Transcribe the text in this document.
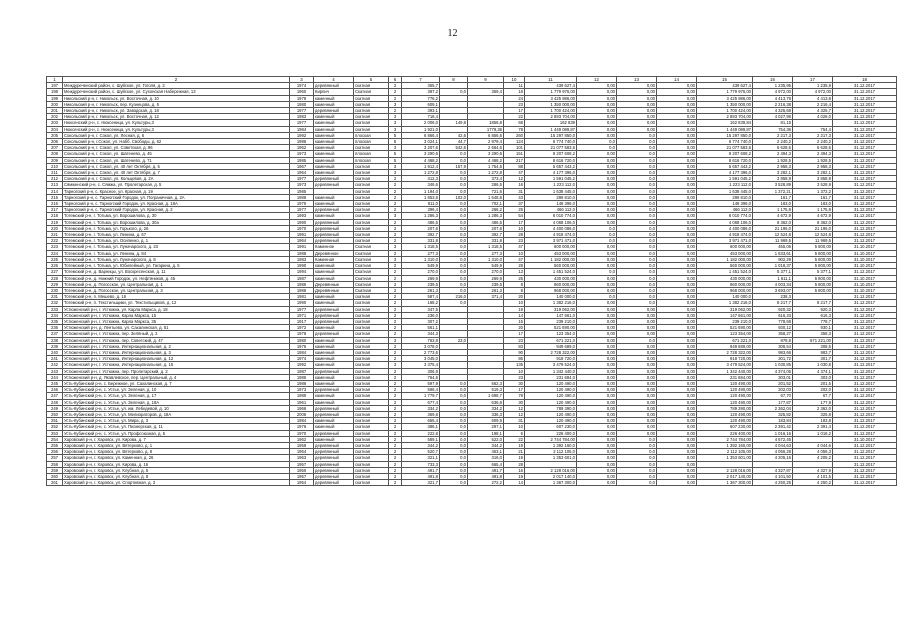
12
1	2	3	4	5	6	7	8	9	10	11	12	13	14	15	16	17	18
197	Междуреченский район, с. Шуйское, ул. Гоголя, д. 2	1974	деревянный	скатная	2	355,7			11	439 627,4	0,00	0,00	0,00	439 627,4	1 235,95	1 235,9	31.12.2017
198	Междуреченский район, с. Шуйское, ул. Сухонская Набережная, 13	1960	Кирпич	Скатная	2	387,2	0,0	359,4	18	1 779 976,00	0,00	0,00	0,00	1 779 976,00	4 972,00	4 972,00	31.12.2017
199	Никольский р-н, г. Никольск, ул. Восточная, д. 10	1978	каменный	скатная	2	776,2			24	3 425 986,00	0,00	0,00	0,00	3 425 986,00	4 413,79	4 413,8	31.12.2017
200	Никольский р-н, г. Никольск, пер. Кузнецова, д. 5	1980	каменный	скатная	3	609,1			23	1 350 000,00	0,00	0,00	0,00	1 350 000,00	2 216,38	2 216,4	31.12.2017
201	Никольский р-н, г. Никольск, ул. Заводская, д. 18	1977	деревянный	скатная	2	393,1			17	1 700 424,00	0,00	0,00	0,00	1 700 424,00	4 325,68	4 325,7	31.12.2017
202	Никольский р-н, г. Никольск, ул. Восточная, д. 12	1983	каменный	скатная	3	718,4			22	2 893 704,00	0,00	0,00	0,00	2 893 704,00	4 027,98	4 028,0	31.12.2017
203	Нюксенский р-н, с. Нюксеница, ул. Культуры,3	1977	каменный	скатная	3	2 006,0	149,8	1856,8	68	162 839	0,00	0,00	0,00	162 839,84	81,15		31.12.2017
204	Нюксенский р-н, с. Нюксеница, ул. Культуры,3	1984	каменный	скатная	3	1 921,0		1779,36	78	1 449 089,87	0,00	0,00	0,00	1 449 089,87	754,36	754,4	31.12.2017
205	Сокольский р-н, г. Сокол, ул. Лесная, д. 6	1992	каменный	плоская	5	6 866,4	42,6	6 856,6	260	15 297 850,0	0,00	0,0	0,00	15 297 850,0	2 217,3	2 217,3	31.12.2017
206	Сокольский р-н, г.Сокол, ул. Набб. Свободы, д. 62	1986	каменный	плоская	5	3 024,1	44,7	2 979,4	124	6 774 740,0	0,0	0,0	0,00	6 774 740,0	2 240,2	2 240,2	31.12.2017
207	Сокольский р-н, г. Сокол, ул. Советская, д. 96	1962	каменный	скатная	3	3 207,6	542,6	2 664,6	101	21 077 583,5	0,0	0,0	0,00	21 077 583,5	6 628,6	6 628,6	31.12.2017
208	Сокольский р-н, г. Сокол, ул. Шатенево, д. 45	1973	каменный	плоская	5	3 290,6	0,0	3 290,6	151	8 207 608,2	0,00	0,0	0,00	8 207 608,2	2 494,3	2 494,3	31.12.2017
209	Сокольский р-н, г. Сокол, ул. Шатенево, д. 71	1985	каменный	плоская	5	4 468,2	0,0	4 468,2	217	8 616 720,0	0,00	0,0	0,00	8 616 720,0	1 928,5	1 928,5	31.12.2017
210	Сокольский р-н, г. Сокол, ул. 40 лет Октября, д. 5	1967	каменный	скатная	3	1 912,4	157,9	1 754,5	88	5 657 443,2	0,00	0,0	0,00	5 657 443,2	2 958,3	2 958,3	31.12.2017
211	Сокольский р-н, г. Сокол, ул. 40 лет Октября, д. 7	1964	каменный	скатная	3	1 272,8	0,0	1 272,8	47	4 177 396,0	0,00	0,0	0,00	4 177 396,0	3 282,1	3 282,1	31.12.2017
212	Сокольский р-н, г. Сокол, ул. Кольцевая, д. 2А	1977	деревянный	скатная	2	412,3	0,0	373,4	12	1 591 045,2	0,00	0,0	0,00	1 591 045,2	3 858,9	3 858,9	31.12.2017
213	Сямженский р-н, с. Сямжа, ул. Пролетарская, д. 5	1973	деревянный	скатная	2	346,6	0,0	286,5	16	1 223 112,0	0,00	0,0	0,00	1 223 112,0	3 528,89	3 528,9	31.12.2017
214	Тарногский р-н, с. Красное, ул. Красная, д. 19	1985		скатная	2	1 194,0	0,0	721,6	31	1 638 445,0	0,00	0,0	0,00	1 638 445,0	1 372,21	1 372,2	31.12.2017
215	Тарногский р-н, с. Тарногский Городок, ул. Пограничная, д. 2А	1988	каменный	скатная	2	1 853,6	102,0	1 548,8	43	299 810,0	0,00	0,0	0,00	299 810,0	161,7	161,7	31.12.2017
216	Тарногский р-н, с. Тарногский Городок, ул. Красная, д. 18А	1979	каменный	скатная	2	811,0	0,0	702,1	37	148 396,0	0,00	0,0	0,00	148 396,0	183,0	183,0	31.12.2017
217	Тарногский р-н, с. Тарногский Городок, ул. Красная, д. 2	1977	деревянный	скатная	2	396,4	0,0	266,2	25	466 112,0	0,00	0,0	0,00	466 112,0	1 175,9	1 175,9	31.12.2017
218	Тотемский р-н, г. Тотьма, ул. Ворошилова, д. 30	1993	каменный	скатная	3	1 286,3	0,0	1 286,3	54	6 010 774,0	0,00	0,0	0,00	6 010 774,0	4 672,9	4 672,9	31.12.2017
219	Тотемский р-н, г. Тотьма, ул. Ворошилова, д. 30а	1990	деревянный	скатная	2	486,5	0,0	486,5	17	4 068 106,0	0,00	0,0	0,00	4 068 106,0	8 362,0	8 362,0	31.12.2017
220	Тотемский р-н, г. Тотьма, ул. Горького, д. 26	1970	деревянный	скатная	2	207,6	0,0	207,6	10	4 400 086,0	0,0	0,0	0,00	4 400 086,0	21 195,0	21 195,0	31.12.2017
221	Тотемский р-н, г. Тотьма, ул. Ленина, д. 67	1991	деревянный	скатная	2	392,7	0,0	392,7	28	4 918 474,0	0,0	0,0	0,00	4 918 474,0	12 524,8	12 524,8	31.12.2017
222	Тотемский р-н, г. Тотьма, ул. Осипенко, д. 1	1964	деревянный	скатная	2	331,8	0,0	331,8	23	3 971 471,0	0,0	0,0	0,00	3 971 471,0	11 969,5	11 969,5	31.12.2017
223	Тотемский р-н, г. Тотьма, ул. Луначарского, д. 23	1991	Каменное	Скатная	3	1 318,5	0,0	1 318,5	47	600 000,00	0,00	0,0	0,00	600 000,00	455,06	5 800,00	31.10.2017
224	Тотемский р-н, г. Тотьма, ул. Ленина, д. 84	1988	Деревянное	Скатная	2	277,3	0,0	277,3	10	453 000,00	0,00	0,0	0,00	453 000,00	1 633,61	5 800,00	31.10.2017
225	Тотемский р-н, г. Тотьма, ул. Луначарского, д. 8	1983	Каменная	Скатная	3	1 310,0	0,0	1 310,0	47	1 182 000,00	0,00	0,0	0,00	1 182 000,00	902,29	5 800,00	31.10.2017
226	Тотемский р-н, г. Тотьма, ул. Юбилейный, ул. Гагарина, д. 5	1990	каменный	Скатная	2	549,9	0,0	549,9	28	560 000,00	0,00	0,0	0,00	560 000,00	1 018,37	5 800,00	31.10.2017
227	Тотемский р-н, д. Варницы, ул. Воскресенская, д. 11	1994	каменный	Скатная	2	270,0	0,0	270,0	13	1 451 524,0	0,0	0,0	0,00	1 451 524,0	5 377,1	5 377,1	31.12.2017
228	Тотемский р-н, д. Нижний Городок, ул. Нефтяников, д. 45	1987	каменный	Скатная	2	269,9	0,0	269,9	25	430 000,00	0,00	0,0	0,00	430 000,00	1 611,1	5 800,00	31.10.2017
229	Тотемский р-н, д. Погосское, ул. Центральная, д. 1	1986	Деревянные	Скатная	2	239,5	0,0	239,5	8	960 000,00	0,00	0,0	0,00	960 000,00	4 003,34	5 800,00	31.10.2017
230	Тотемский р-н, д. Погосское, ул. Центральная, д. 3	1986	Деревянные	Скатная	2	261,3	0,0	261,3	8	968 000,00	0,00	0,0	0,00	968 000,00	3 693,07	5 800,00	31.10.2017
231	Тотемский р-н, п. Мешево, д. 16	1981	каменный	скатная	2	587,4	216,0	371,4	20	140 000,0	0,0	0,0	0,00	140 000,0	238,3		31.12.2017
232	Тотемский р-н, п. Текстильщики, ул. Текстильщиков, д. 12	1990	каменный	скатная	2	168,2	0,0		10	1 382 216,0	0,00	0,0	0,00	1 382 216,0	8 217,7	8 217,7	31.12.2017
233	Устюженский р-н, г. Устюжна, ул. Карла Маркса, д. 18	1977	деревянный	скатная	2	347,5			19	319 062,00	0,00	0,00	0,00	319 062,00	920,32	920,3	31.12.2017
234	Устюженский р-н, г. Устюжна, Карла Маркса, 15	1971	деревянный	скатная	2	236,0			14	147 661,0	0,00	0,00	0,00	147 661,00	616,33	616,3	31.12.2017
235	Устюженский р-н, г. Устюжна, Карла Маркса, 35	1917	деревянный	скатная	2	307,2			15	239 210,0	0,00	0,00	0,00	239 210,0	778,68	778,7	31.12.2017
236	Устюженский р-н, д. Лентьево, ул. Сахалинская, д. 51	1972	каменный	скатная	2	561,1			20	521 690,00	0,00	0,00	0,00	521 690,00	930,12	930,1	31.12.2017
237	Устюженский р-н, г. Устюжна, пер. Зелёный, д. 2	1978	деревянный	скатная	2	344,3			17	123 354,0	0,00	0,00	0,00	123 354,00	358,27	358,3	31.12.2017
238	Устюженский р-н, г. Устюжна, пер. Советский, д. 47	1980	каменный	скатная	3	763,8	23,0		23	671 221,0	0,00	0,0	0,00	671 221,0	878,8	671 221,00	31.12.2017
239	Устюженский р-н, г. Устюжна, Интернациональная, д. 2	1976	каменный	скатная	2	3 078,0			83	949 689,0	0,00	0,00	0,00	949 689,00	308,54	308,5	31.12.2017
240	Устюженский р-н, г. Устюжна, Интернациональная, д. 3	1984	каменный	скатная	2	2 773,6			90	2 728 322,00	0,00	0,00	0,00	2 728 322,00	983,66	983,7	31.12.2017
241	Устюженский р-н, г. Устюжна, Интернациональная, д. 12	1974	каменный	скатная	2	3 045,0			86	918 720,0	0,00	0,00	0,00	918 720,00	301,72	301,7	31.12.2017
242	Устюженский р-н, г. Устюжна, Интернациональная, д. 15	1992	каменный	скатная	3	3 375,4			135	3 479 524,0	0,00	0,00	0,00	3 479 524,00	1 030,85	1 030,8	31.12.2017
243	Устюженский р-н, г. Устюжна, пер. Пролетарский, д. 2	1987	деревянный	скатная	2	306,9			10	1 342 440,0	0,00	0,00	0,00	1 342 440,00	4 374,05	4 374,1	31.12.2017
244	Устюженский р-н, д. Яковлевское, пер. Центральный, д. 4	1986	каменный	скатная	2	764,6			23	231 684,0	0,00	0,00	0,00	231 684,00	303,01	303,0	31.12.2017
245	Усть-Кубинский р-н, с. Бережное, ул. Сахалинская, д. 7	1986	каменный	скатная	2	597,9	0,0	562,3	30	120 490,0	0,00	0,00	0,00	120 490,00	201,52	201,5	31.12.2017
246	Усть-Кубинский р-н, с. Устье, ул. Зеленая, д. 10	1973	деревянный	скатная	2	596,4	0,0	519,3	17	120 490,0	0,00	0,00	0,00	120 490,00	202,03	202,0	31.12.2017
247	Усть-Кубинский р-н, с. Устье, ул. Зеленая, д. 17	1989	каменный	скатная	2	1 779,7	0,0	1 698,7	78	120 490,0	0,00	0,00	0,00	120 490,00	67,70	67,7	31.12.2017
248	Усть-Кубинский р-н, с. Устье, ул. Зеленая, д. 18А	1961	каменный	скатная	2	677,4	0,0	636,8	30	120 490,0	0,00	0,00	0,00	120 490,00	177,87	177,9	31.12.2017
249	Усть-Кубинский р-н, с. Устье, ул. им. Лебедевой, д. 10	1966	деревянный	скатная	2	334,2	0,0	334,2	12	789 390,0	0,00	0,00	0,00	789 390,00	2 362,04	2 362,0	31.12.2017
250	Усть-Кубинский р-н, с. Устье, ул. Мелиораторов, д. 18А	2006	деревянный	скатная	2	369,8	0,0	336,3	12	120 490,0	0,00	0,00	0,00	120 490,00	325,82	325,8	31.12.2017
251	Усть-Кубинский р-н, с. Устье, ул. Мира, д. 3	1984	каменный	скатная	2	655,4	0,0	609,9	31	120 490,0	0,00	0,00	0,00	120 490,00	183,84	183,8	31.12.2017
252	Усть-Кубинский р-н, с. Устье, ул. Пионерская, д. 11	1976	каменный	скатная	2	386,1	0,0	297,1	10	607 230,0	0,00	0,00	0,00	607 230,00	2 391,42	2 391,4	31.12.2017
253	Усть-Кубинский р-н, с. Устье, ул. Профсоюзная, д. 5	1970	деревянный	скатная	2	222,8	0,0	198,1	6	226 400,0	0,00	0,00	0,00	226 400,00	1 016,16	1 016,2	31.12.2017
254	Харовский р-н, г. Харовск, ул. Кирова, д. 7	1962	каменный	скатная	2	589,1	0,0	522,0	22	2 744 784,00	0,00	0,0	0,00	2 744 784,00	4 672,45		31.10.2017
255	Харовский р-н, г. Харовск, ул. Вятерково, д. 1	1959	деревянный	скатная	2	344,2	0,0	344,2	19	1 392 160,0	0,00	0,0	0,00	1 392 160,00	4 044,63	4 044,6	31.12.2017
256	Харовский р-н, г. Харовск, ул. Вятерково, д. 8	1964	деревянный	скатная	2	520,7	0,0	453,1	21	2 112 105,0	0,00	0,0	0,00	2 112 105,00	4 056,28	4 056,3	31.12.2017
257	Харовский р-н, г. Харовск, ул. Каменная, д. 26	1963	деревянный	скатная	2	321,1	0,0	316,0	19	1 353 601,0	0,00	0,0	0,00	1 353 601,00	4 205,16	4 205,2	31.12.2017
258	Харовский р-н, г. Харовск, ул. Кирова, д. 16	1957	деревянный	скатная	2	733,3	0,0	665,4	28		0,00	0,0	0,00				31.12.2017
259	Харовский р-н, г. Харовск, ул. Клубная, д. 5	1950	деревянный	скатная	2	491,7	0,0	491,7	16	2 128 016,00	0,00	0,0	0,00	2 128 016,00	4 327,87	4 327,9	31.12.2017
260	Харовский р-н, г. Харовск, ул. Клубная, д. 8	1957	деревянный	скатная	2	491,8	0,0	491,8	19	2 017 140,0	0,00	0,0	0,00	2 017 140,00	4 101,50	4 101,5	31.12.2017
261	Харовский р-н, г. Харовск, ул. Спортивная, д. 3	1954	деревянный	скатная	2	321,7	0,0	272,2	14	1 367 300,0	0,00	0,0	0,00	1 367 300,00	4 250,25	4 250,2	31.12.2017
